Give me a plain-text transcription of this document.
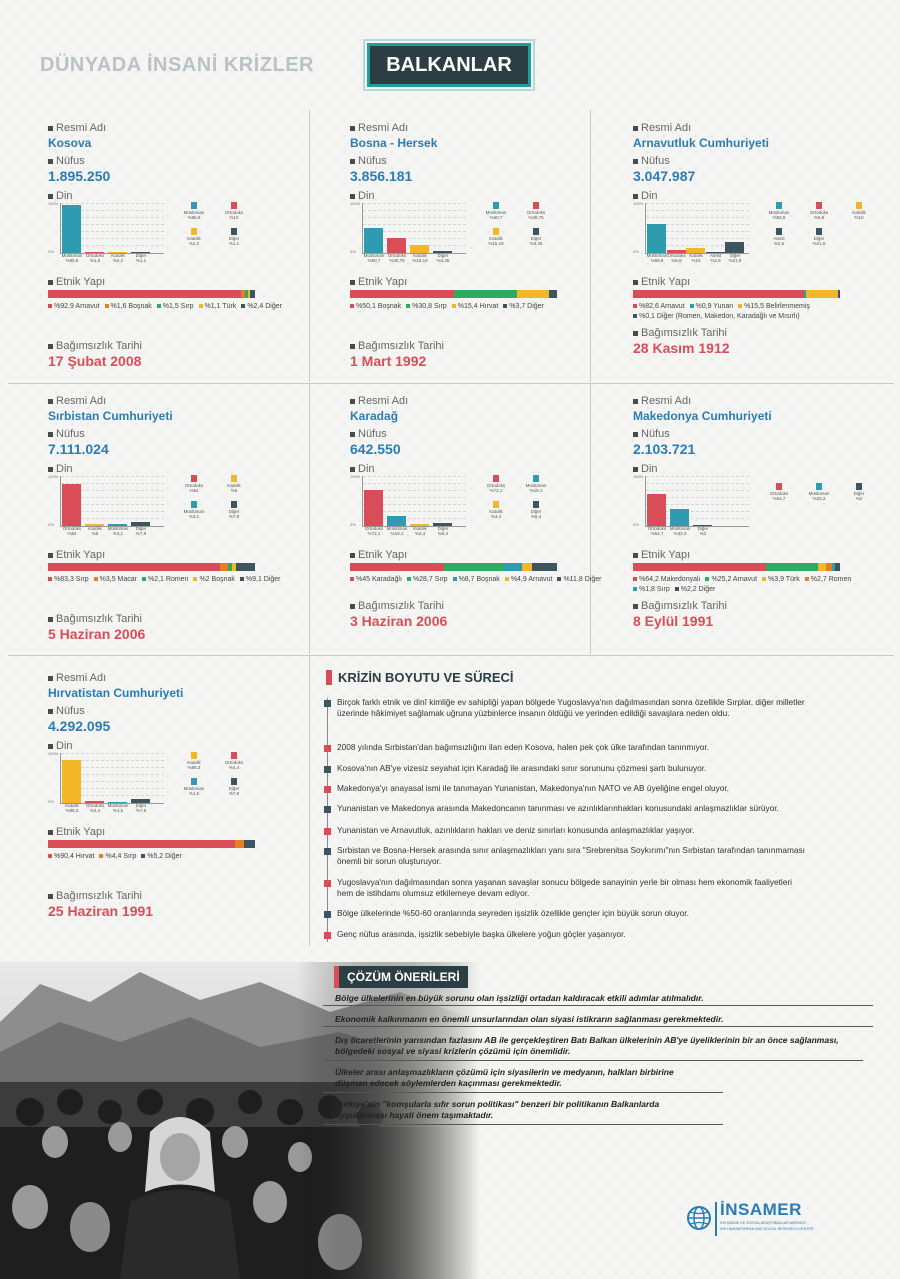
DÜNYADA İNSANİ KRİZLER	BALKANLAR
Resmi Adı
Kosova
Nüfus
1.895.250
Din
100%
0%
Müslüman
%95,6
Ortodoks
%1,5
Katolik
%2,2
Diğer
%1,1
Müslüman
%95,6
Ortodoks
%10
Katolik
%2,2
Diğer
%1,1
Etnik Yapı
%92,9 Arnavut %1,6 Boşnak %1,5 Sırp %1,1 Türk %2,4 Diğer
Bağımsızlık Tarihi
17 Şubat 2008
Resmi Adı
Bosna - Hersek
Nüfus
3.856.181
Din
100%
0%
Müslüman
%50,7
Ortodoks
%30,75
Katolik
%15,19
Diğer
%3,36
Müslüman
%50,7
Ortodoks
%30,75
Katolik
%15,19
Diğer
%3,36
Etnik Yapı
%50,1 Boşnak %30,8 Sırp %15,4 Hırvat %3,7 Diğer
Bağımsızlık Tarihi
1 Mart 1992
Resmi Adı
Arnavutluk Cumhuriyeti
Nüfus
3.047.987
Din
100%
0%
Müslüman
%58,8
Ortodoks
%6,8
Katolik
%10
Ateist
%2,5
Diğer
%21,9
Müslüman
%58,8
Ortodoks
%6,8
Katolik
%10
Ateist
%2,5
Diğer
%21,9
Etnik Yapı
%82,6 Arnavut %0,9 Yunan %15,5 Belirlenmemiş%0,1 Diğer (Romen, Makedon, Karadağlı ve Mısırlı)
Bağımsızlık Tarihi
28 Kasım 1912
Resmi Adı
Sırbistan Cumhuriyeti
Nüfus
7.111.024
Din
100%
0%
Ortodoks
%84
Katolik
%5
Müslüman
%3,1
Diğer
%7,9
Ortodoks
%84
Katolik
%5
Müslüman
%3,1
Diğer
%7,9
Etnik Yapı
%83,3 Sırp %3,5 Macar %2,1 Romen %2 Boşnak %9,1 Diğer
Bağımsızlık Tarihi
5 Haziran 2006
Resmi Adı
Karadağ
Nüfus
642.550
Din
100%
0%
Ortodoks
%72,1
Müslüman
%19,1
Katolik
%3,4
Diğer
%5,4
Ortodoks
%72,1
Müslüman
%19,1
Katolik
%3,4
Diğer
%5,4
Etnik Yapı
%45 Karadağlı %28,7 Sırp %8,7 Boşnak %4,9 Arnavut %11,8 Diğer
Bağımsızlık Tarihi
3 Haziran 2006
Resmi Adı
Makedonya Cumhuriyeti
Nüfus
2.103.721
Din
100%
0%
Ortodoks
%64,7
Müslüman
%33,3
Diğer
%2
Ortodoks
%64,7
Müslüman
%33,3
Diğer
%2
Etnik Yapı
%64,2 Makedonyalı %25,2 Arnavut %3,9 Türk %2,7 Romen%1,8 Sırp %2,2 Diğer
Bağımsızlık Tarihi
8 Eylül 1991
Resmi Adı
Hırvatistan Cumhuriyeti
Nüfus
4.292.095
Din
100%
0%
Katolik
%86,3
Ortodoks
%4,4
Müslüman
%1,5
Diğer
%7,8
Katolik
%86,3
Ortodoks
%4,4
Müslüman
%1,5
Diğer
%7,8
Etnik Yapı
%90,4 Hırvat %4,4 Sırp %5,2 Diğer
Bağımsızlık Tarihi
25 Haziran 1991
KRİZİN BOYUTU VE SÜRECİ
Birçok farklı etnik ve dinî kimliğe ev sahipliği yapan bölgede Yugoslavya'nın dağılmasından sonra özellikle Sırplar, diğer milletler üzerinde hâkimiyet sağlamak uğruna yüzbinlerce insanın öldüğü ve yerinden edildiği savaşlara neden oldu.
2008 yılında Sırbistan'dan bağımsızlığını ilan eden Kosova, halen pek çok ülke tarafından tanınmıyor.
Kosova'nın AB'ye vizesiz seyahat için Karadağ ile arasındaki sınır sorununu çözmesi şartı bulunuyor.
Makedonya'yı anayasal ismi ile tanımayan Yunanistan, Makedonya'nın NATO ve AB üyeliğine engel oluyor.
Yunanistan ve Makedonya arasında Makedoncanın tanınması ve azınlıklarınhakları konusundaki anlaşmazlıklar sürüyor.
Yunanistan ve Arnavutluk, azınlıkların hakları ve deniz sınırları konusunda anlaşmazlıklar yaşıyor.
Sırbistan ve Bosna-Hersek arasında sınır anlaşmazlıkları yanı sıra "Srebrenitsa Soykırımı"nın Sırbistan tarafından tanınmaması önemli bir sorun oluşturuyor.
Yugoslavya'nın dağılmasından sonra yaşanan savaşlar sonucu bölgede sanayinin yerle bir olması hem ekonomik faaliyetleri hem de istihdamı olumsuz etkilemeye devam ediyor.
Bölge ülkelerinde %50-60 oranlarında seyreden işsizlik özellikle gençler için büyük sorun oluyor.
Genç nüfus arasında, işsizlik sebebiyle başka ülkelere yoğun göçler yaşanıyor.
ÇÖZÜM ÖNERİLERİ
Bölge ülkelerinin en büyük sorunu olan işsizliği ortadan kaldıracak etkili adımlar atılmalıdır.
Ekonomik kalkınmanın en önemli unsurlarından olan siyasi istikrarın sağlanması gerekmektedir.
Dış ticaretlerinin yarısından fazlasını AB ile gerçekleştiren Batı Balkan ülkelerinin AB'ye üyeliklerinin bir an önce sağlanması, bölgedeki sosyal ve siyasi krizlerin çözümü için önemlidir.
Ülkeler arası anlaşmazlıkların çözümü için siyasilerin ve medyanın, halkları birbirine düşman edecek söylemlerden kaçınması gerekmektedir.
Türkiye'nin "komşularla sıfır sorun politikası" benzeri bir politikanın Balkanlarda uygulanması hayati önem taşımaktadır.
İNSAMER
İHH İNSANİ VE SOSYAL ARAŞTIRMALAR MERKEZİ
IHH HUMANITARIAN AND SOCIAL RESEARCH CENTER
